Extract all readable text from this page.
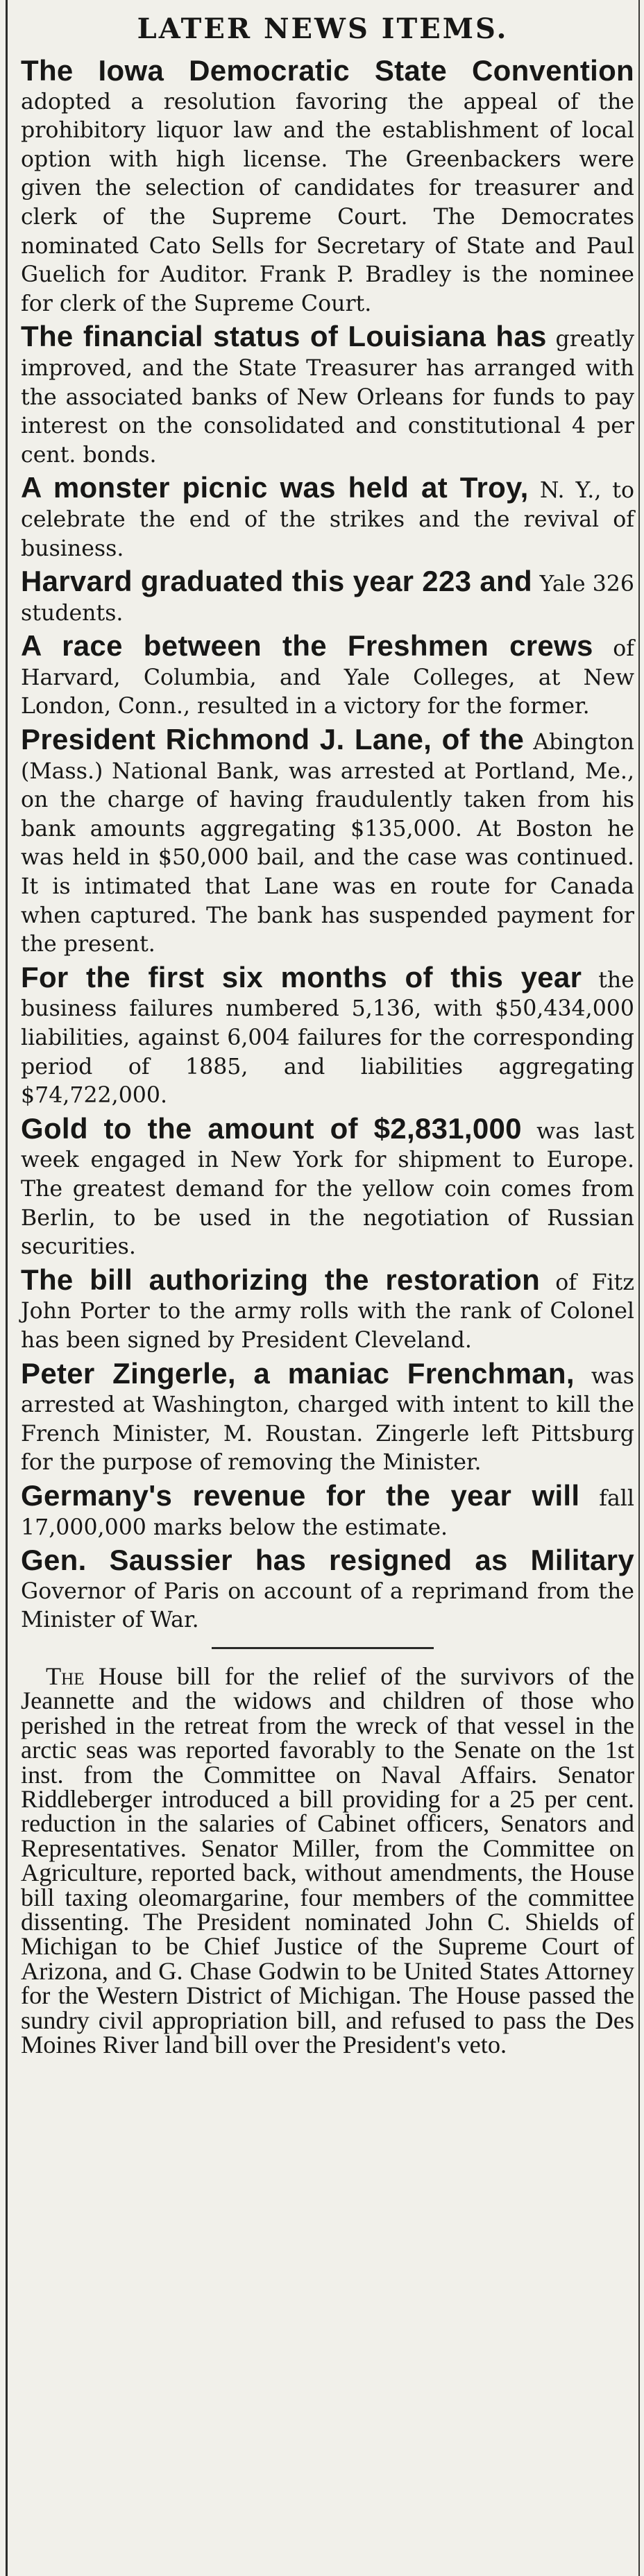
LATER NEWS ITEMS.

The Iowa Democratic State Convention adopted a resolution favoring the appeal of the prohibitory liquor law and the establishment of local option with high license. The Greenbackers were given the selection of candidates for treasurer and clerk of the Supreme Court. The Democrates nominated Cato Sells for Secretary of State and Paul Guelich for Auditor. Frank P. Bradley is the nominee for clerk of the Supreme Court.

The financial status of Louisiana has greatly improved, and the State Treasurer has arranged with the associated banks of New Orleans for funds to pay interest on the consolidated and constitutional 4 per cent. bonds.

A monster picnic was held at Troy, N. Y., to celebrate the end of the strikes and the revival of business.

Harvard graduated this year 223 and Yale 326 students.

A race between the Freshmen crews of Harvard, Columbia, and Yale Colleges, at New London, Conn., resulted in a victory for the former.

President Richmond J. Lane, of the Abington (Mass.) National Bank, was arrested at Portland, Me., on the charge of having fraudulently taken from his bank amounts aggregating $135,000. At Boston he was held in $50,000 bail, and the case was continued. It is intimated that Lane was en route for Canada when captured. The bank has suspended payment for the present.

For the first six months of this year the business failures numbered 5,136, with $50,434,000 liabilities, against 6,004 failures for the corresponding period of 1885, and liabilities aggregating $74,722,000.

Gold to the amount of $2,831,000 was last week engaged in New York for shipment to Europe. The greatest demand for the yellow coin comes from Berlin, to be used in the negotiation of Russian securities.

The bill authorizing the restoration of Fitz John Porter to the army rolls with the rank of Colonel has been signed by President Cleveland.

Peter Zingerle, a maniac Frenchman, was arrested at Washington, charged with intent to kill the French Minister, M. Roustan. Zingerle left Pittsburg for the purpose of removing the Minister.

Germany's revenue for the year will fall 17,000,000 marks below the estimate.

Gen. Saussier has resigned as Military Governor of Paris on account of a reprimand from the Minister of War.

The House bill for the relief of the survivors of the Jeannette and the widows and children of those who perished in the retreat from the wreck of that vessel in the arctic seas was reported favorably to the Senate on the 1st inst. from the Committee on Naval Affairs. Senator Riddleberger introduced a bill providing for a 25 per cent. reduction in the salaries of Cabinet officers, Senators and Representatives. Senator Miller, from the Committee on Agriculture, reported back, without amendments, the House bill taxing oleomargarine, four members of the committee dissenting. The President nominated John C. Shields of Michigan to be Chief Justice of the Supreme Court of Arizona, and G. Chase Godwin to be United States Attorney for the Western District of Michigan. The House passed the sundry civil appropriation bill, and refused to pass the Des Moines River land bill over the President's veto.
